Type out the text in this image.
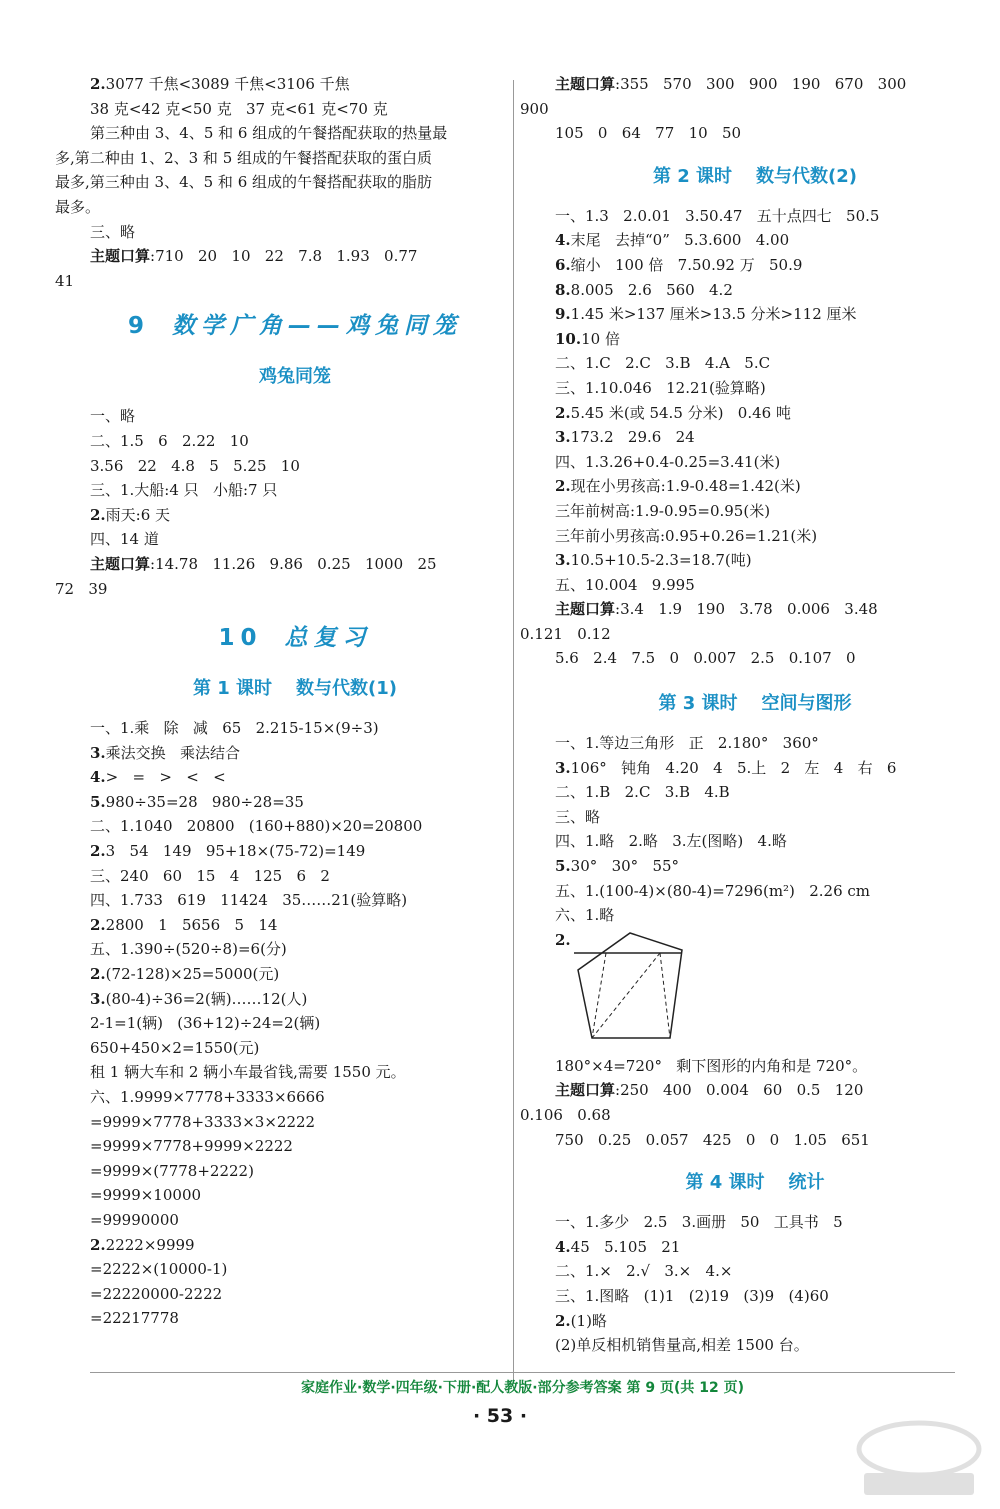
2.3077 千焦<3089 千焦<3106 千焦
38 克<42 克<50 克   37 克<61 克<70 克
第三种由 3、4、5 和 6 组成的午餐搭配获取的热量最
多,第二种由 1、2、3 和 5 组成的午餐搭配获取的蛋白质
最多,第三种由 3、4、5 和 6 组成的午餐搭配获取的脂肪
最多。
三、略
主题口算:710   20   10   22   7.8   1.93   0.77
41
9 数学广角——鸡兔同笼
鸡兔同笼
一、略
二、1.5   6   2.22   10
3.56   22   4.8   5   5.25   10
三、1.大船:4 只   小船:7 只
2.雨天:6 天
四、14 道
主题口算:14.78   11.26   9.86   0.25   1000   25
72   39
10 总复习
第 1 课时 数与代数(1)
一、1.乘   除   减   65   2.215-15×(9÷3)
3.乘法交换   乘法结合
4.>   =   >   <   <
5.980÷35=28   980÷28=35
二、1.1040   20800   (160+880)×20=20800
2.3   54   149   95+18×(75-72)=149
三、240   60   15   4   125   6   2
四、1.733   619   11424   35……21(验算略)
2.2800   1   5656   5   14
五、1.390÷(520÷8)=6(分)
2.(72-128)×25=5000(元)
3.(80-4)÷36=2(辆)……12(人)
2-1=1(辆)   (36+12)÷24=2(辆)
650+450×2=1550(元)
租 1 辆大车和 2 辆小车最省钱,需要 1550 元。
六、1.9999×7778+3333×6666
=9999×7778+3333×3×2222
=9999×7778+9999×2222
=9999×(7778+2222)
=9999×10000
=99990000
2.2222×9999
=2222×(10000-1)
=22220000-2222
=22217778
主题口算:355   570   300   900   190   670   300
900
105   0   64   77   10   50
第 2 课时 数与代数(2)
一、1.3   2.0.01   3.50.47   五十点四七   50.5
4.末尾   去掉“0”   5.3.600   4.00
6.缩小   100 倍   7.50.92 万   50.9
8.8.005   2.6   560   4.2
9.1.45 米>137 厘米>13.5 分米>112 厘米
10.10 倍
二、1.C   2.C   3.B   4.A   5.C
三、1.10.046   12.21(验算略)
2.5.45 米(或 54.5 分米)   0.46 吨
3.173.2   29.6   24
四、1.3.26+0.4-0.25=3.41(米)
2.现在小男孩高:1.9-0.48=1.42(米)
三年前树高:1.9-0.95=0.95(米)
三年前小男孩高:0.95+0.26=1.21(米)
3.10.5+10.5-2.3=18.7(吨)
五、10.004   9.995
主题口算:3.4   1.9   190   3.78   0.006   3.48
0.121   0.12
5.6   2.4   7.5   0   0.007   2.5   0.107   0
第 3 课时 空间与图形
一、1.等边三角形   正   2.180°   360°
3.106°   钝角   4.20   4   5.上   2   左   4   右   6
二、1.B   2.C   3.B   4.B
三、略
四、1.略   2.略   3.左(图略)   4.略
5.30°   30°   55°
五、1.(100-4)×(80-4)=7296(m²)   2.26 cm
六、1.略
2.
180°×4=720°   剩下图形的内角和是 720°。
主题口算:250   400   0.004   60   0.5   120
0.106   0.68
750   0.25   0.057   425   0   0   1.05   651
第 4 课时 统计
一、1.多少   2.5   3.画册   50   工具书   5
4.45   5.105   21
二、1.×   2.√   3.×   4.×
三、1.图略   (1)1   (2)19   (3)9   (4)60
2.(1)略
(2)单反相机销售量高,相差 1500 台。
家庭作业·数学·四年级·下册·配人教版·部分参考答案 第 9 页(共 12 页)
· 53 ·
